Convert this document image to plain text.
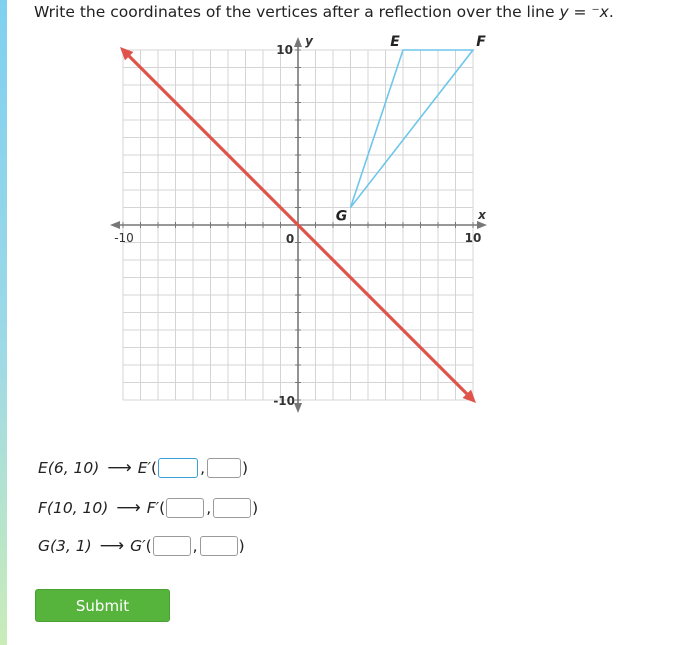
Write the coordinates of the vertices after a reflection over the line y = ⁻x.

-10	10
10
-10
0
x
y	E	F
G
E(6, 10) ⟶ E′ (	, )
F(10, 10) ⟶ F′ (	,	)
G(3, 1) ⟶ G′ (	,	)
Submit
